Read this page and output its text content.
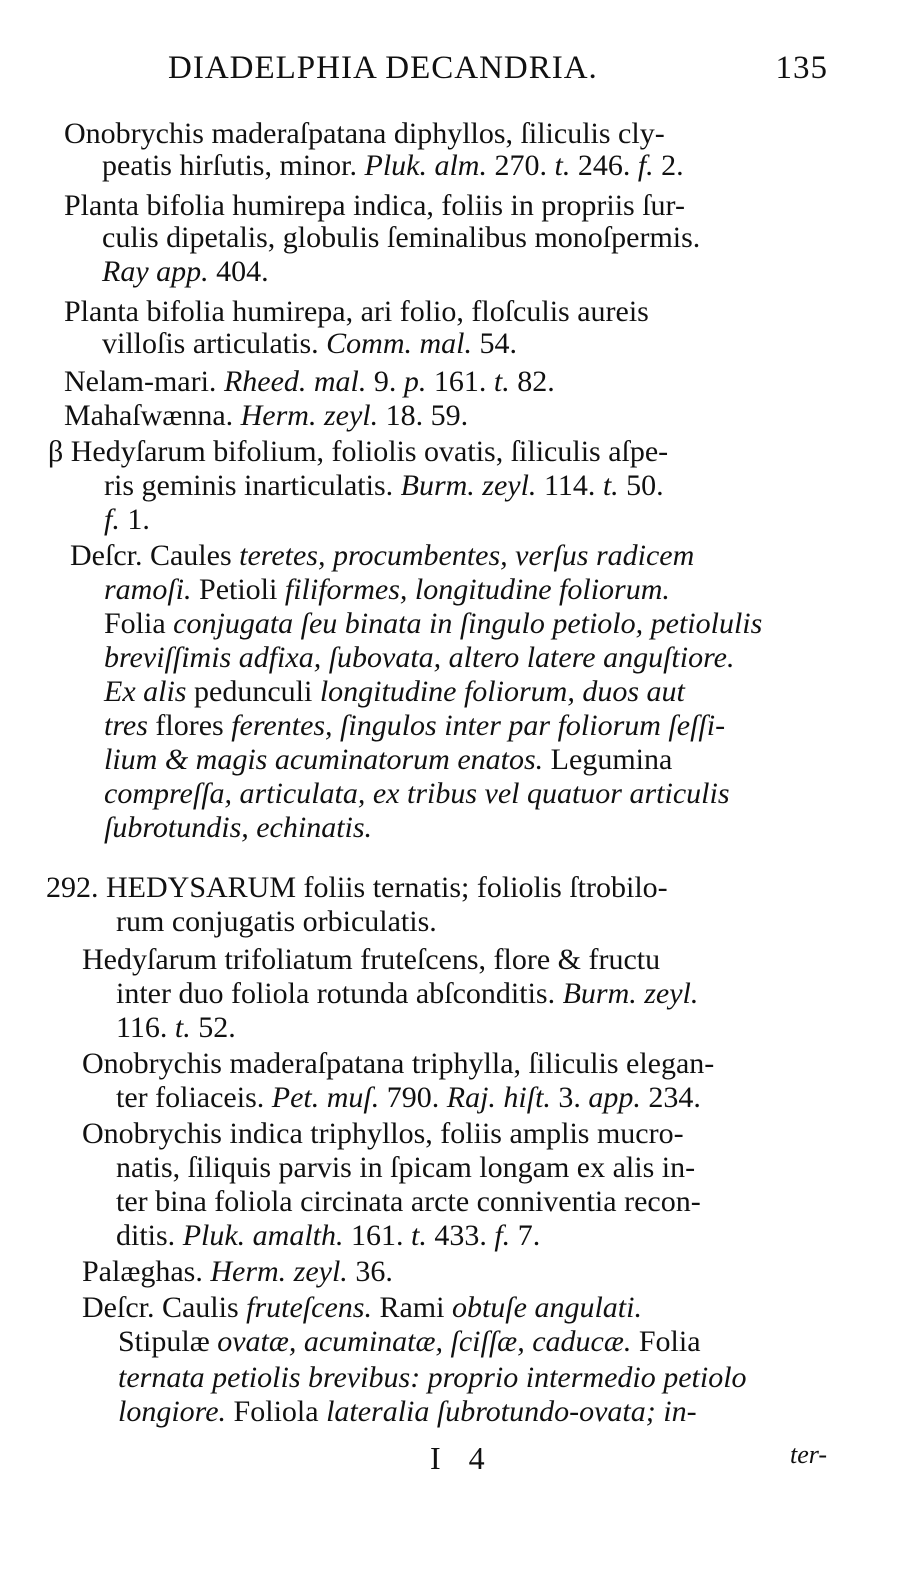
DIADELPHIA DECANDRIA.	135
Onobrychis maderaſpatana diphyllos, ſiliculis cly-
peatis hirſutis, minor. Pluk. alm. 270. t. 246. f. 2.
Planta bifolia humirepa indica, foliis in propriis ſur-
culis dipetalis, globulis ſeminalibus monoſpermis.
Ray app. 404.
Planta bifolia humirepa, ari folio, floſculis aureis
villoſis articulatis. Comm. mal. 54.
Nelam-mari. Rheed. mal. 9. p. 161. t. 82.
Mahaſwænna. Herm. zeyl. 18. 59.
β Hedyſarum bifolium, foliolis ovatis, ſiliculis aſpe-
ris geminis inarticulatis. Burm. zeyl. 114. t. 50.
f. 1.
Deſcr. Caules teretes, procumbentes, verſus radicem
ramoſi. Petioli filiformes, longitudine foliorum.
Folia conjugata ſeu binata in ſingulo petiolo, petiolulis
breviſſimis adfixa, ſubovata, altero latere anguſtiore.
Ex alis pedunculi longitudine foliorum, duos aut
tres flores ferentes, ſingulos inter par foliorum ſeſſi-
lium & magis acuminatorum enatos. Legumina
compreſſa, articulata, ex tribus vel quatuor articulis
ſubrotundis, echinatis.
292. HEDYSARUM foliis ternatis; foliolis ſtrobilo-
rum conjugatis orbiculatis.
Hedyſarum trifoliatum fruteſcens, flore & fructu
inter duo foliola rotunda abſconditis. Burm. zeyl.
116. t. 52.
Onobrychis maderaſpatana triphylla, ſiliculis elegan-
ter foliaceis. Pet. muſ. 790. Raj. hiſt. 3. app. 234.
Onobrychis indica triphyllos, foliis amplis mucro-
natis, ſiliquis parvis in ſpicam longam ex alis in-
ter bina foliola circinata arcte conniventia recon-
ditis. Pluk. amalth. 161. t. 433. f. 7.
Palæghas. Herm. zeyl. 36.
Deſcr. Caulis fruteſcens. Rami obtuſe angulati.
Stipulæ ovatæ, acuminatæ, ſciſſæ, caducæ. Folia
ternata petiolis brevibus: proprio intermedio petiolo
longiore. Foliola lateralia ſubrotundo-ovata; in-
I 4	ter-
